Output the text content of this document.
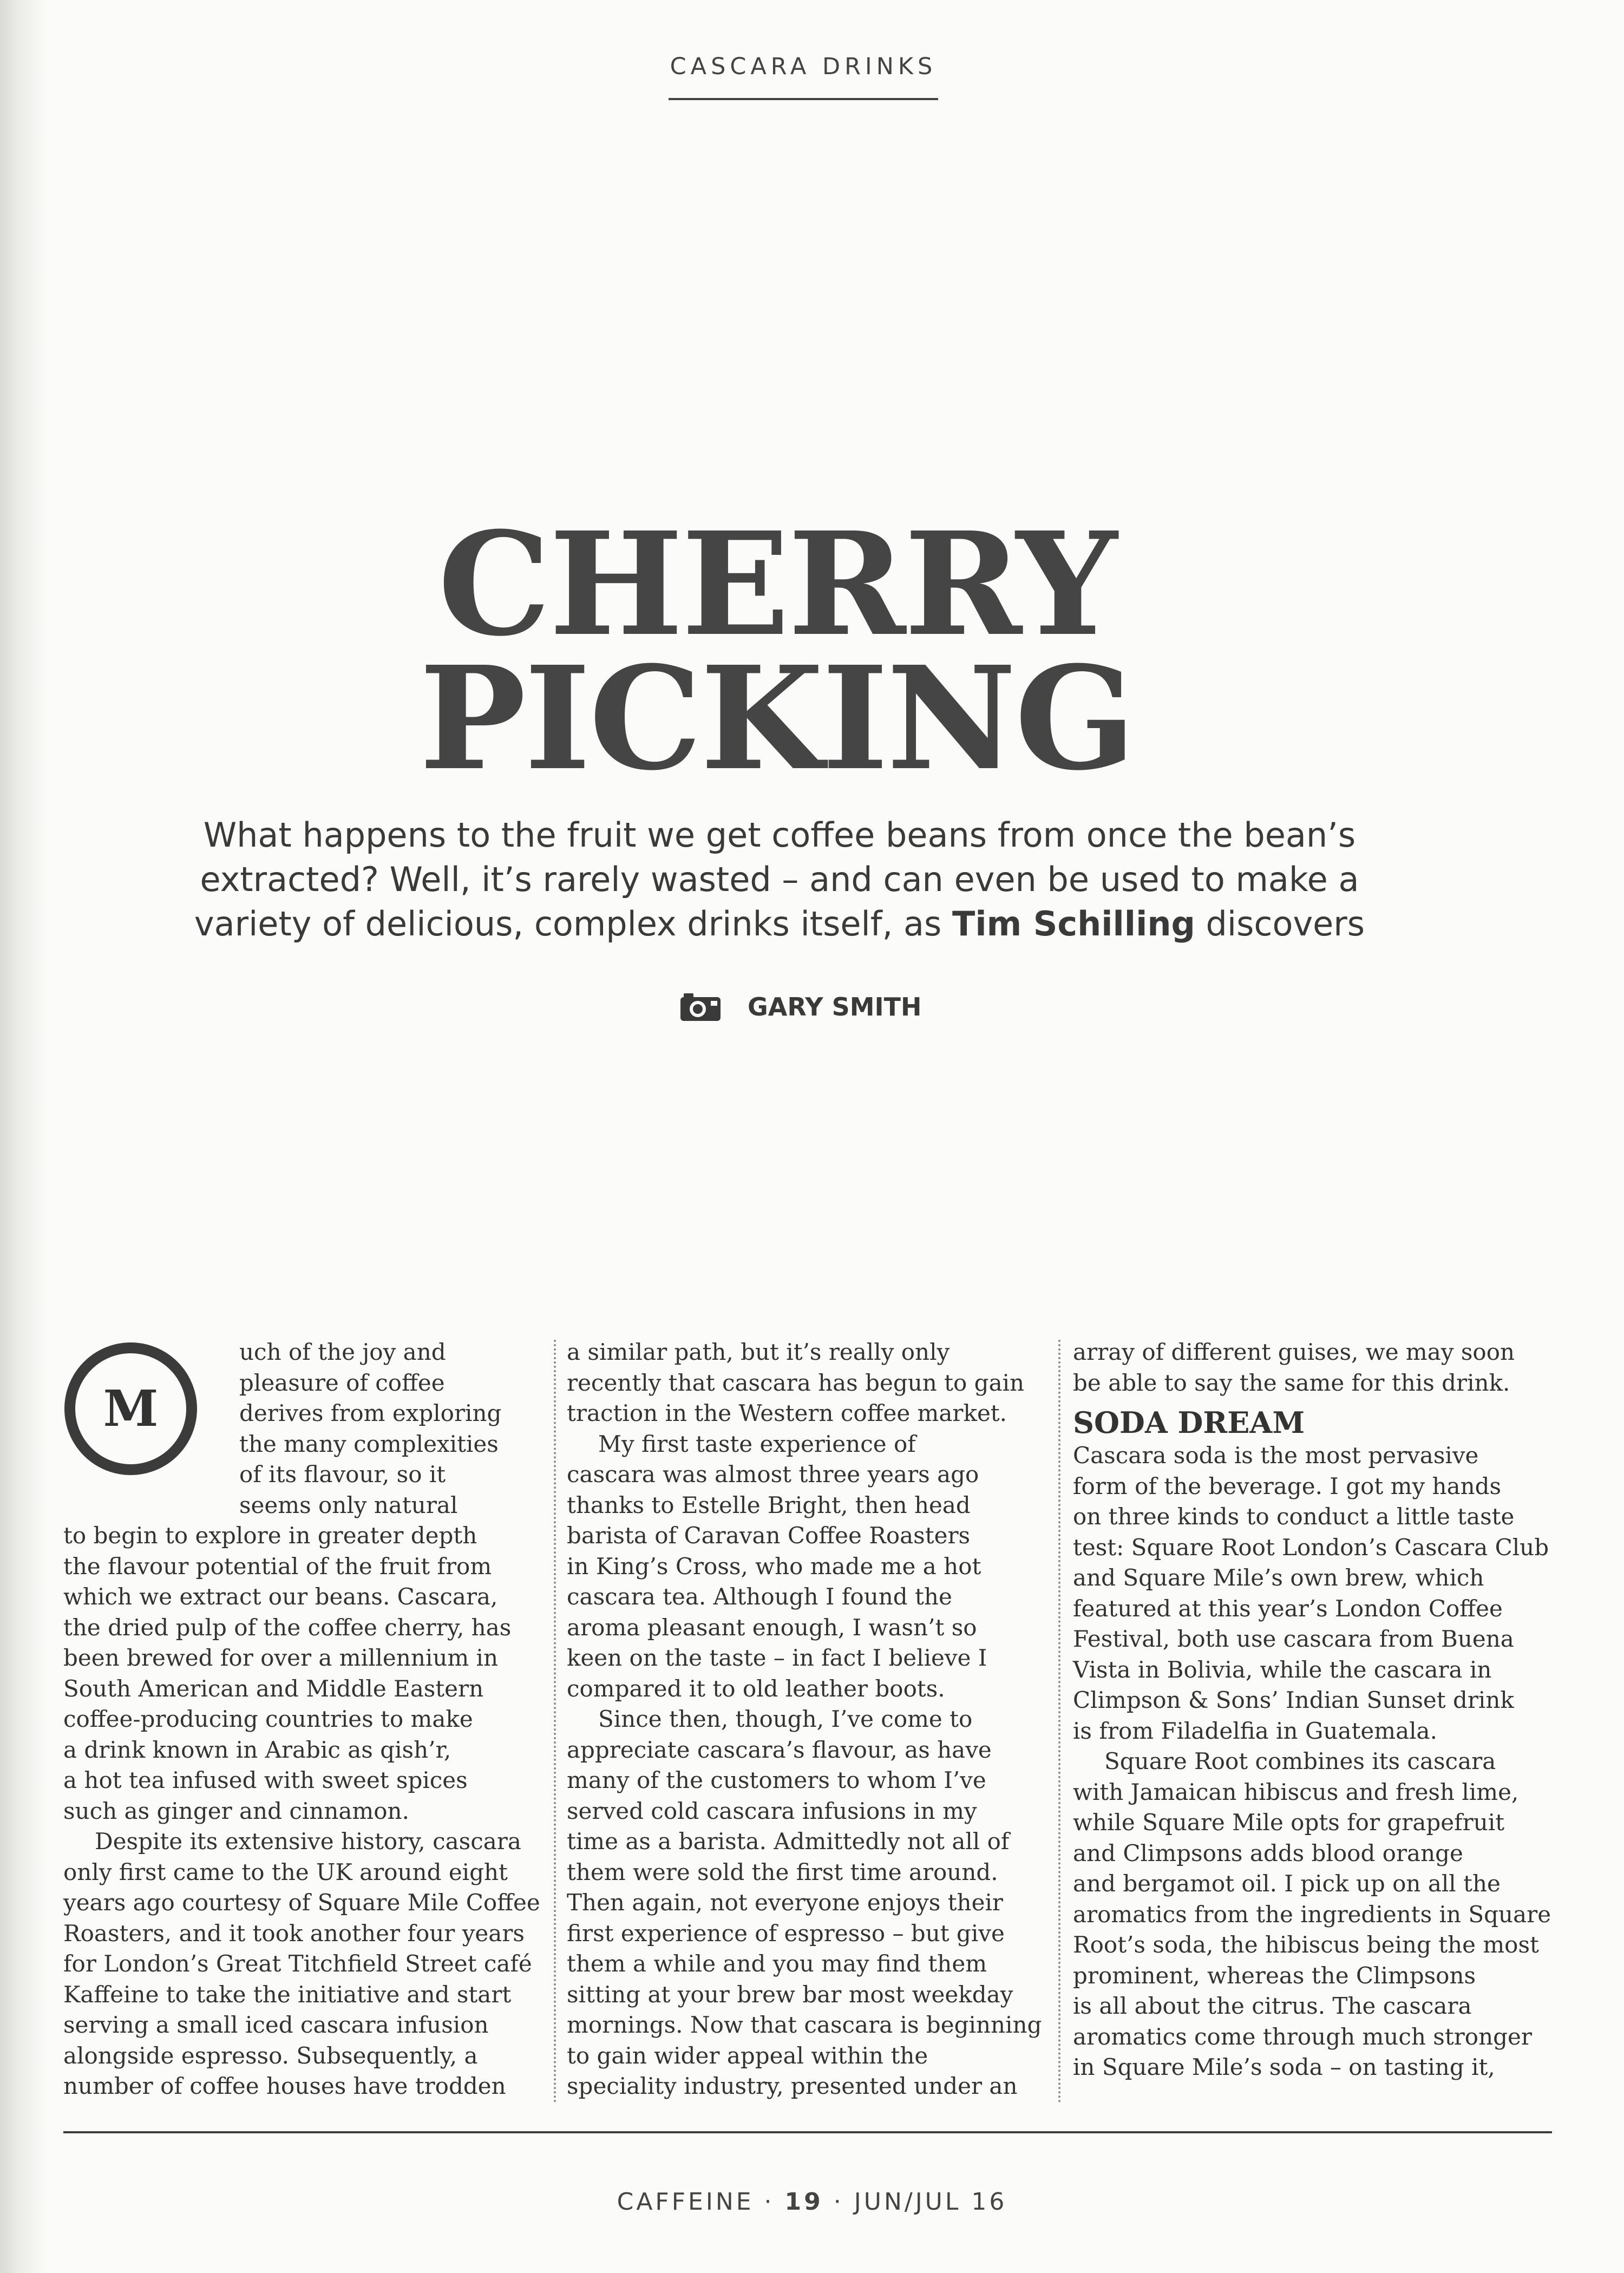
CASCARA DRINKS
CHERRY
PICKING
What happens to the fruit we get coffee beans from once the bean’s
extracted? Well, it’s rarely wasted – and can even be used to make a
variety of delicious, complex drinks itself, as Tim Schilling discovers
GARY SMITH
M
uch of the joy and
pleasure of coffee
derives from exploring
the many complexities
of its flavour, so it
seems only natural
to begin to explore in greater depth
the flavour potential of the fruit from
which we extract our beans. Cascara,
the dried pulp of the coffee cherry, has
been brewed for over a millennium in
South American and Middle Eastern
coffee-producing countries to make
a drink known in Arabic as qish’r,
a hot tea infused with sweet spices
such as ginger and cinnamon.
Despite its extensive history, cascara
only first came to the UK around eight
years ago courtesy of Square Mile Coffee
Roasters, and it took another four years
for London’s Great Titchfield Street café
Kaffeine to take the initiative and start
serving a small iced cascara infusion
alongside espresso. Subsequently, a
number of coffee houses have trodden
a similar path, but it’s really only
recently that cascara has begun to gain
traction in the Western coffee market.
My first taste experience of
cascara was almost three years ago
thanks to Estelle Bright, then head
barista of Caravan Coffee Roasters
in King’s Cross, who made me a hot
cascara tea. Although I found the
aroma pleasant enough, I wasn’t so
keen on the taste – in fact I believe I
compared it to old leather boots.
Since then, though, I’ve come to
appreciate cascara’s flavour, as have
many of the customers to whom I’ve
served cold cascara infusions in my
time as a barista. Admittedly not all of
them were sold the first time around.
Then again, not everyone enjoys their
first experience of espresso – but give
them a while and you may find them
sitting at your brew bar most weekday
mornings. Now that cascara is beginning
to gain wider appeal within the
speciality industry, presented under an
array of different guises, we may soon
be able to say the same for this drink.
SODA DREAM
Cascara soda is the most pervasive
form of the beverage. I got my hands
on three kinds to conduct a little taste
test: Square Root London’s Cascara Club
and Square Mile’s own brew, which
featured at this year’s London Coffee
Festival, both use cascara from Buena
Vista in Bolivia, while the cascara in
Climpson & Sons’ Indian Sunset drink
is from Filadelfia in Guatemala.
Square Root combines its cascara
with Jamaican hibiscus and fresh lime,
while Square Mile opts for grapefruit
and Climpsons adds blood orange
and bergamot oil. I pick up on all the
aromatics from the ingredients in Square
Root’s soda, the hibiscus being the most
prominent, whereas the Climpsons
is all about the citrus. The cascara
aromatics come through much stronger
in Square Mile’s soda – on tasting it,
CAFFEINE · 19 · JUN/JUL 16
